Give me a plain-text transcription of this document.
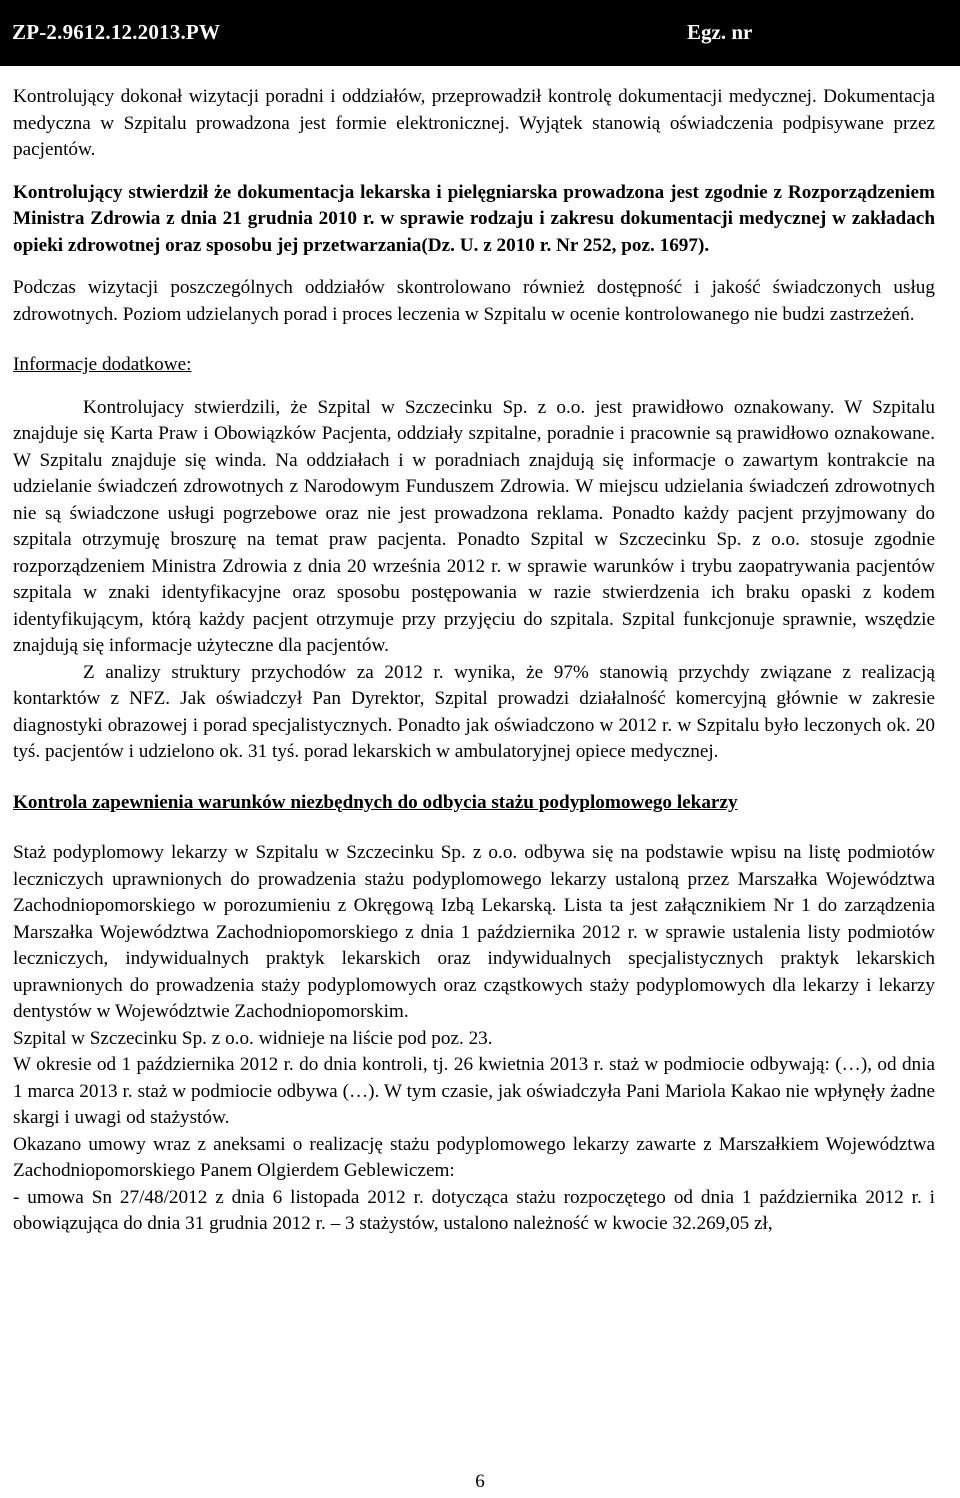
ZP-2.9612.12.2013.PW	Egz. nr

Kontrolujący dokonał wizytacji poradni i oddziałów, przeprowadził kontrolę dokumentacji medycznej. Dokumentacja medyczna w Szpitalu prowadzona jest formie elektronicznej. Wyjątek stanowią oświadczenia podpisywane przez pacjentów.

Kontrolujący stwierdził że dokumentacja lekarska i pielęgniarska prowadzona jest zgodnie z Rozporządzeniem Ministra Zdrowia z dnia 21 grudnia 2010 r. w sprawie rodzaju i zakresu dokumentacji medycznej w zakładach opieki zdrowotnej oraz sposobu jej przetwarzania(Dz. U. z 2010 r. Nr 252, poz. 1697).

Podczas wizytacji poszczególnych oddziałów skontrolowano również dostępność i jakość świadczonych usług zdrowotnych. Poziom udzielanych porad i proces leczenia w Szpitalu w ocenie kontrolowanego nie budzi zastrzeżeń.

Informacje dodatkowe:

Kontrolujacy stwierdzili, że Szpital w Szczecinku Sp. z o.o. jest prawidłowo oznakowany. W Szpitalu znajduje się Karta Praw i Obowiązków Pacjenta, oddziały szpitalne, poradnie i pracownie są prawidłowo oznakowane. W Szpitalu znajduje się winda. Na oddziałach i w poradniach znajdują się informacje o zawartym kontrakcie na udzielanie świadczeń zdrowotnych z Narodowym Funduszem Zdrowia. W miejscu udzielania świadczeń zdrowotnych nie są świadczone usługi pogrzebowe oraz nie jest prowadzona reklama. Ponadto każdy pacjent przyjmowany do szpitala otrzymuję broszurę na temat praw pacjenta. Ponadto Szpital w Szczecinku Sp. z o.o. stosuje zgodnie rozporządzeniem Ministra Zdrowia z dnia 20 września 2012 r. w sprawie warunków i trybu zaopatrywania pacjentów szpitala w znaki identyfikacyjne oraz sposobu postępowania w razie stwierdzenia ich braku opaski z kodem identyfikującym, którą każdy pacjent otrzymuje przy przyjęciu do szpitala. Szpital funkcjonuje sprawnie, wszędzie znajdują się informacje użyteczne dla pacjentów.

Z analizy struktury przychodów za 2012 r. wynika, że 97% stanowią przychdy związane z realizacją kontarktów z NFZ. Jak oświadczył Pan Dyrektor, Szpital prowadzi działalność komercyjną głównie w zakresie diagnostyki obrazowej i porad specjalistycznych. Ponadto jak oświadczono w 2012 r. w Szpitalu było leczonych ok. 20 tyś. pacjentów i udzielono ok. 31 tyś. porad lekarskich w ambulatoryjnej opiece medycznej.

Kontrola zapewnienia warunków niezbędnych do odbycia stażu podyplomowego lekarzy

Staż podyplomowy lekarzy w Szpitalu w Szczecinku Sp. z o.o. odbywa się na podstawie wpisu na listę podmiotów leczniczych uprawnionych do prowadzenia stażu podyplomowego lekarzy ustaloną przez Marszałka Województwa Zachodniopomorskiego w porozumieniu z Okręgową Izbą Lekarską. Lista ta jest załącznikiem Nr 1 do zarządzenia Marszałka Województwa Zachodniopomorskiego z dnia 1 października 2012 r. w sprawie ustalenia listy podmiotów leczniczych, indywidualnych praktyk lekarskich oraz indywidualnych specjalistycznych praktyk lekarskich uprawnionych do prowadzenia staży podyplomowych oraz cząstkowych staży podyplomowych dla lekarzy i lekarzy dentystów w Województwie Zachodniopomorskim.

Szpital w Szczecinku Sp. z o.o. widnieje na liście pod poz. 23.

W okresie od 1 października 2012 r. do dnia kontroli, tj. 26 kwietnia 2013 r. staż w podmiocie odbywają: (…), od dnia 1 marca 2013 r. staż w podmiocie odbywa (…). W tym czasie, jak oświadczyła Pani Mariola Kakao nie wpłynęły żadne skargi i uwagi od stażystów.

Okazano umowy wraz z aneksami o realizację stażu podyplomowego lekarzy zawarte z Marszałkiem Województwa Zachodniopomorskiego Panem Olgierdem Geblewiczem:

- umowa Sn 27/48/2012 z dnia 6 listopada 2012 r. dotycząca stażu rozpoczętego od dnia 1 października 2012 r. i obowiązująca do dnia 31 grudnia 2012 r. – 3 stażystów, ustalono należność w kwocie 32.269,05 zł,

6
